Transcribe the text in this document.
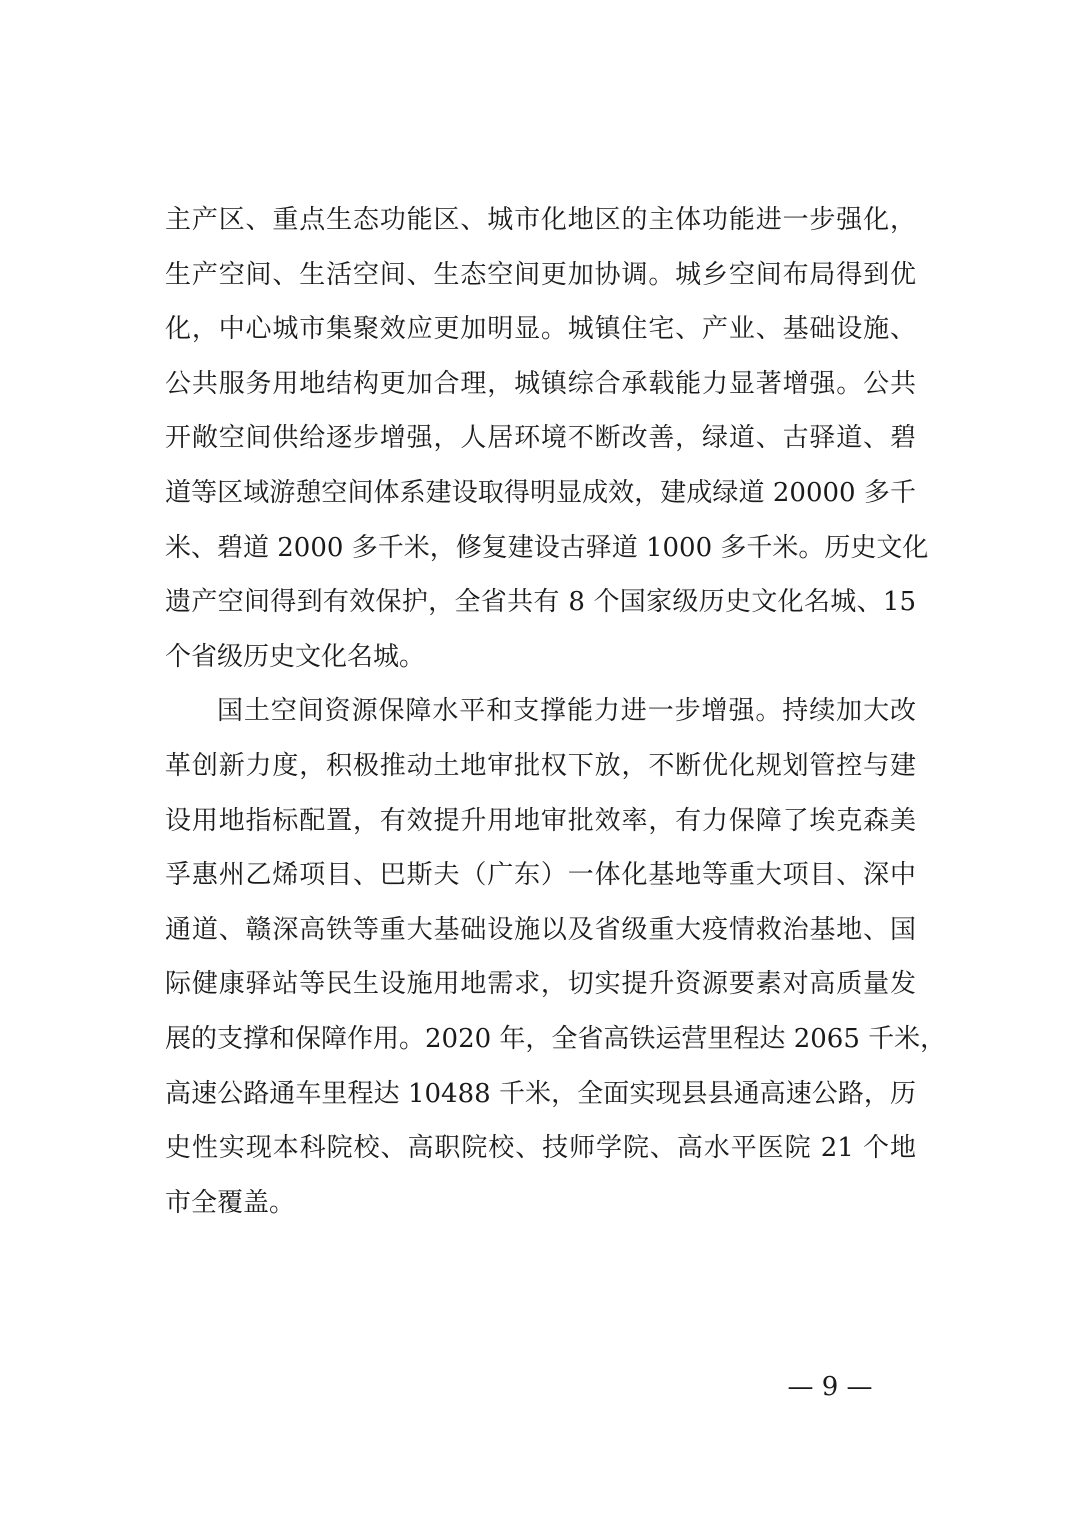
主产区、重点生态功能区、城市化地区的主体功能进一步强化，
生产空间、生活空间、生态空间更加协调。城乡空间布局得到优
化，中心城市集聚效应更加明显。城镇住宅、产业、基础设施、
公共服务用地结构更加合理，城镇综合承载能力显著增强。公共
开敞空间供给逐步增强，人居环境不断改善，绿道、古驿道、碧
道等区域游憩空间体系建设取得明显成效，建成绿道 20000 多千
米、碧道 2000 多千米，修复建设古驿道 1000 多千米。历史文化
遗产空间得到有效保护，全省共有 8 个国家级历史文化名城、15
个省级历史文化名城。
国土空间资源保障水平和支撑能力进一步增强。持续加大改
革创新力度，积极推动土地审批权下放，不断优化规划管控与建
设用地指标配置，有效提升用地审批效率，有力保障了埃克森美
孚惠州乙烯项目、巴斯夫（广东）一体化基地等重大项目、深中
通道、赣深高铁等重大基础设施以及省级重大疫情救治基地、国
际健康驿站等民生设施用地需求，切实提升资源要素对高质量发
展的支撑和保障作用。2020 年，全省高铁运营里程达 2065 千米，
高速公路通车里程达 10488 千米，全面实现县县通高速公路，历
史性实现本科院校、高职院校、技师学院、高水平医院 21 个地
市全覆盖。
— 9 —
